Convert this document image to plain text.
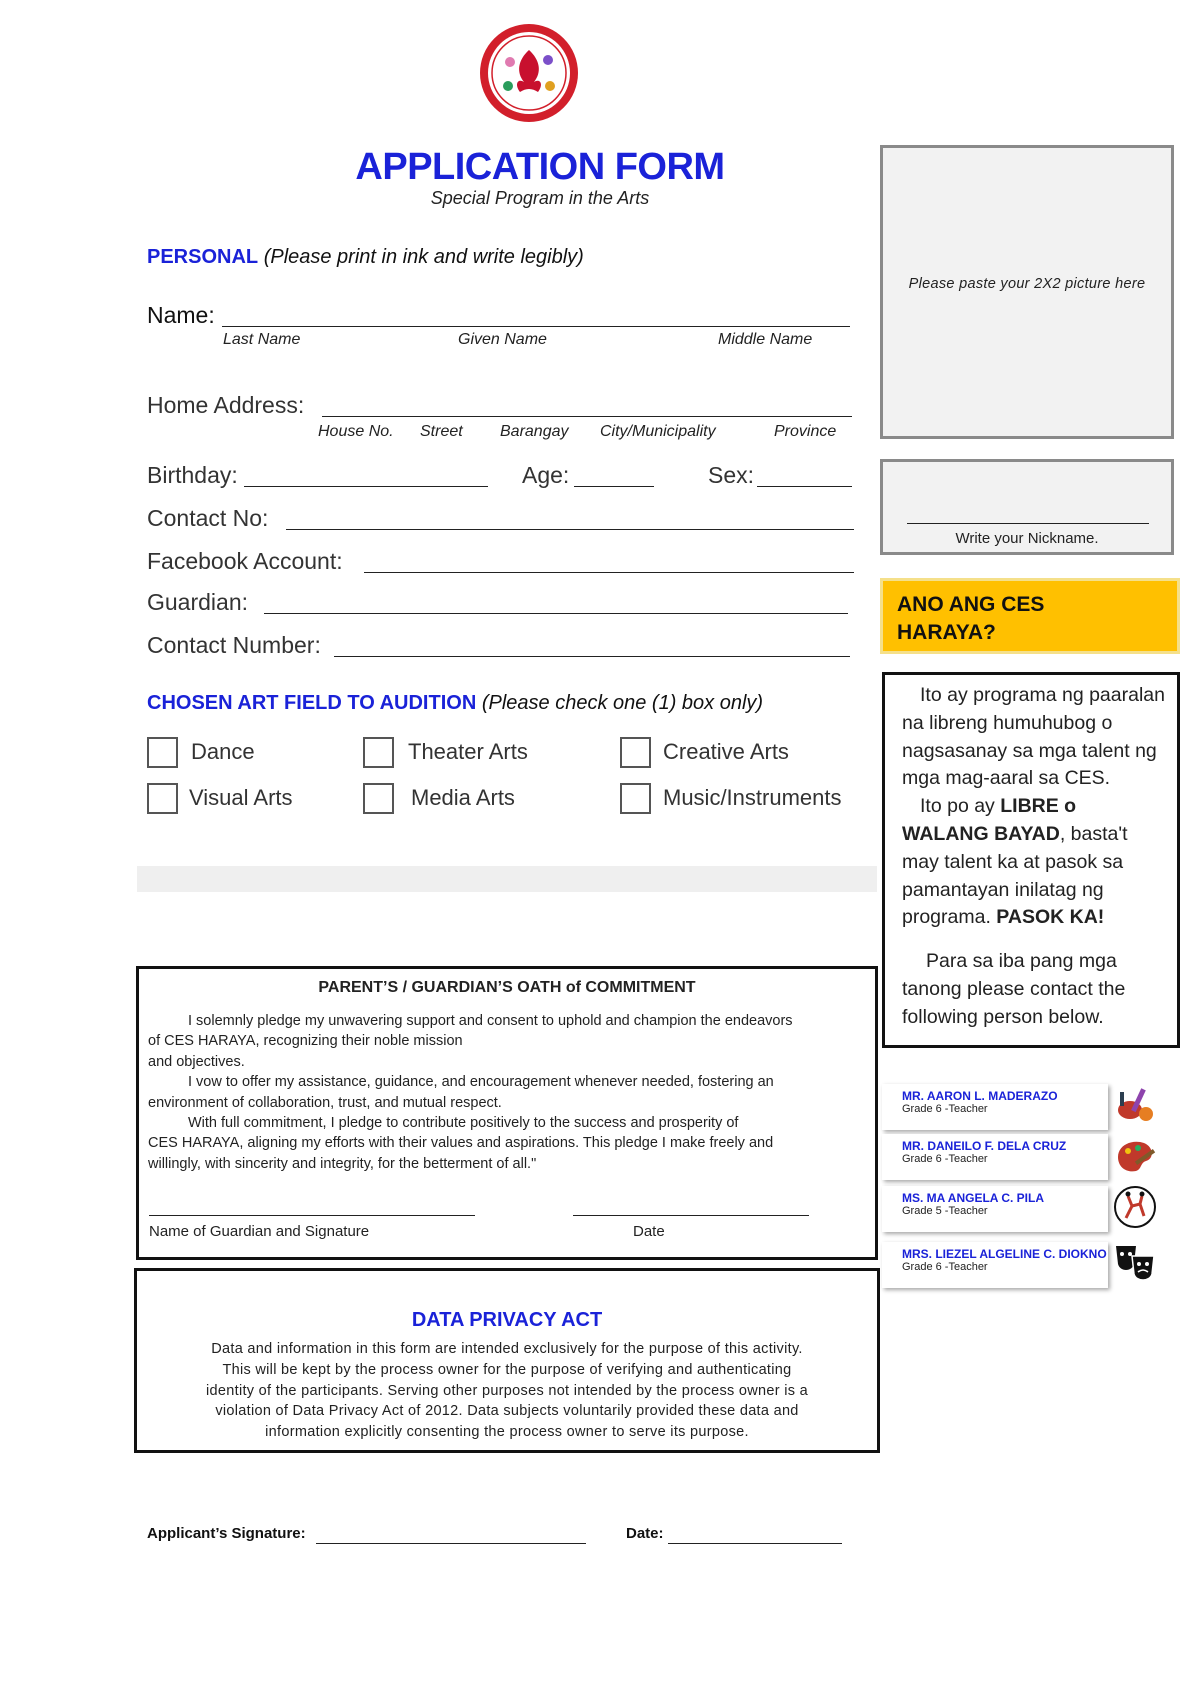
APPLICATION FORM
Special Program in the Arts
PERSONAL (Please print in ink and write legibly)
Name:
Last Name	Given Name	Middle Name
Home Address:
House No. Street Barangay City/Municipality	Province
Birthday:	Age:	Sex:
Contact No:
Facebook Account:
Guardian:
Contact Number:
CHOSEN ART FIELD TO AUDITION (Please check one (1) box only)
Dance	Theater Arts	Creative Arts
Visual Arts	Media Arts	Music/Instruments
PARENT’S / GUARDIAN’S OATH of COMMITMENT
I solemnly pledge my unwavering support and consent to uphold and champion the endeavors
of CES HARAYA, recognizing their noble mission
and objectives.
I vow to offer my assistance, guidance, and encouragement whenever needed, fostering an
environment of collaboration, trust, and mutual respect.
With full commitment, I pledge to contribute positively to the success and prosperity of
CES HARAYA, aligning my efforts with their values and aspirations. This pledge I make freely and
willingly, with sincerity and integrity, for the betterment of all."
Name of Guardian and Signature	Date
DATA PRIVACY ACT
Data and information in this form are intended exclusively for the purpose of this activity.
This will be kept by the process owner for the purpose of verifying and authenticating
identity of the participants. Serving other purposes not intended by the process owner is a
violation of Data Privacy Act of 2012. Data subjects voluntarily provided these data and
information explicitly consenting the process owner to serve its purpose.
Applicant’s Signature:	Date:
Please paste your 2X2 picture here
Write your Nickname.
ANO ANG CES HARAYA?
Ito ay programa ng paaralan na libreng humuhubog o nagsasanay sa mga talent ng mga mag-aaral sa CES.
Ito po ay LIBRE o WALANG BAYAD, basta't may talent ka at pasok sa pamantayan inilatag ng programa. PASOK KA!
Para sa iba pang mga tanong please contact the following person below.
MR. AARON L. MADERAZO
Grade 6 -Teacher
MR. DANEILO F. DELA CRUZ
Grade 6 -Teacher
MS. MA ANGELA C. PILA
Grade 5 -Teacher
MRS. LIEZEL ALGELINE C. DIOKNO
Grade 6 -Teacher
